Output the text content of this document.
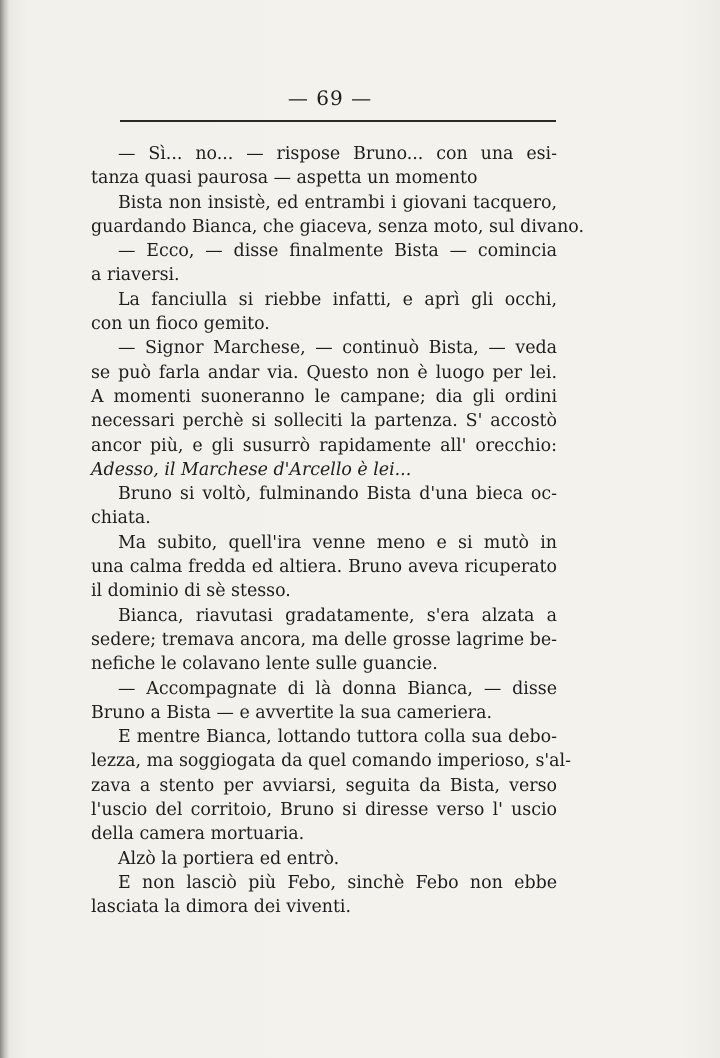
— 69 —
— Sì... no... — rispose Bruno... con una esi-
tanza quasi paurosa — aspetta un momento
Bista non insistè, ed entrambi i giovani tacquero,
guardando Bianca, che giaceva, senza moto, sul divano.
— Ecco, — disse finalmente Bista — comincia
a riaversi.
La fanciulla si riebbe infatti, e aprì gli occhi,
con un fioco gemito.
— Signor Marchese, — continuò Bista, — veda
se può farla andar via. Questo non è luogo per lei.
A momenti suoneranno le campane; dia gli ordini
necessari perchè si solleciti la partenza. S' accostò
ancor più, e gli susurrò rapidamente all' orecchio:
Adesso, il Marchese d'Arcello è lei...
Bruno si voltò, fulminando Bista d'una bieca oc-
chiata.
Ma subito, quell'ira venne meno e si mutò in
una calma fredda ed altiera. Bruno aveva ricuperato
il dominio di sè stesso.
Bianca, riavutasi gradatamente, s'era alzata a
sedere; tremava ancora, ma delle grosse lagrime be-
nefiche le colavano lente sulle guancie.
— Accompagnate di là donna Bianca, — disse
Bruno a Bista — e avvertite la sua cameriera.
E mentre Bianca, lottando tuttora colla sua debo-
lezza, ma soggiogata da quel comando imperioso, s'al-
zava a stento per avviarsi, seguita da Bista, verso
l'uscio del corritoio, Bruno si diresse verso l' uscio
della camera mortuaria.
Alzò la portiera ed entrò.
E non lasciò più Febo, sinchè Febo non ebbe
lasciata la dimora dei viventi.
